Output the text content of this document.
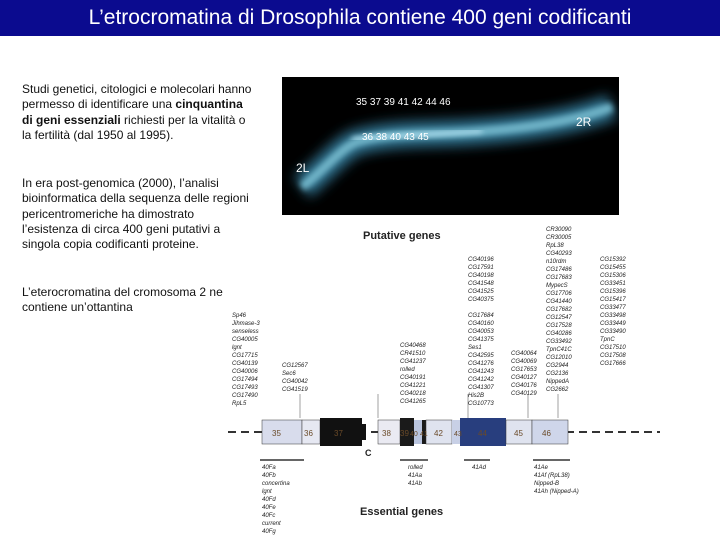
L’etrocromatina di Drosophila contiene 400 geni codificanti
Studi genetici, citologici e molecolari hanno permesso di identificare una cinquantina di geni essenziali richiesti per la vitalità o la fertilità (dal 1950 al 1995).
In era post-genomica (2000), l’analisi bioinformatica della sequenza delle regioni pericentromeriche ha dimostrato l’esistenza di circa 400 geni putativi a singola copia codificanti proteine.
L’eterocromatina del cromosoma 2 ne contiene un’ottantina
35 37 39 41 42 44 46
36 38 40 43 45
2R
2L
Putative genes
Sp46
Jihmase-3
senseless
CG40005
lgnt
CG17715
CG40139
CG40006
CG17494
CG17493
CG17490
RpL5
CG12567
Sec6
CG40042
CG41519
CG40468
CR41510
CG41237
rolled
CG40191
CG41221
CG40218
CG41265
CG40196
CG17591
CG40198
CG41548
CG41525
CG40375

CG17684
CG40160
CG40053
CG41375
Ses1
CG42595
CG41276
CG41243
CG41242
CG41307
His2B
CG10773
CG40064
CG40069
CG17653
CG40127
CG40176
CG40129
CR30090
CR30005
RpL38
CG40293
n10rdm
CG17486
CG17683
MypecS
CG17706
CG41440
CG17682
CG12547
CG17528
CG40286
CG33492
TpnC41C
CG12010
CG2944
CG2136
NippedA
CG2662
CG15392
CG15455
CG15306
CG33451
CG15396
CG15417
CG33477
CG33498
CG33449
CG33490
TpnC
CG17510
CG17508
CG17666
35	36	37	38 39 40 41 42 43 44	45 46
C
40Fa
40Fb
concertina
lgnt
40Fd
40Fe
40Fc
current
40Fg
rolled
41Aa
41Ab
41Ad	41Ae
41Af (RpL38)
Nipped-B
41Ah (Nipped-A)
Essential genes
